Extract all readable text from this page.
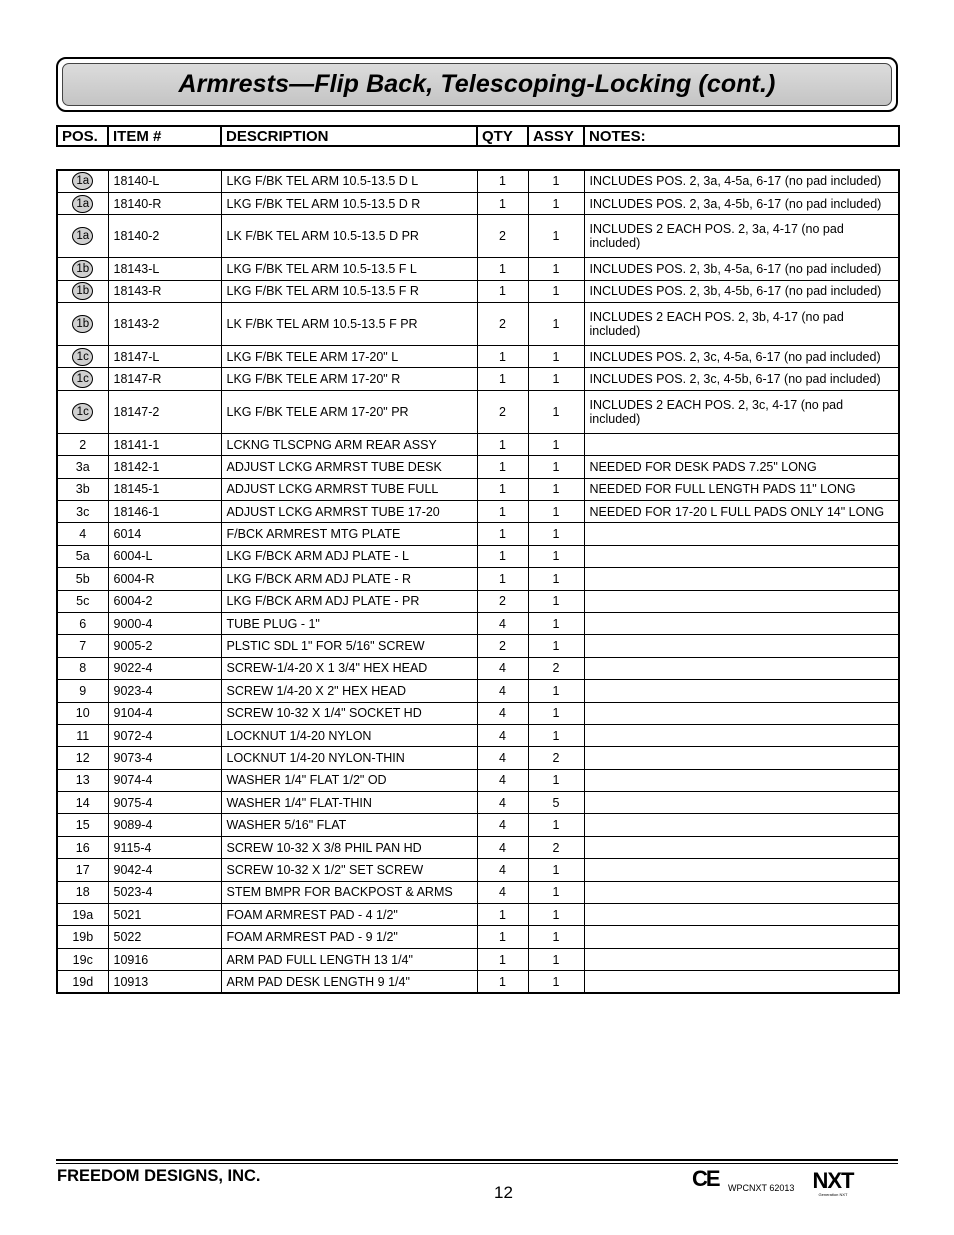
Armrests—Flip Back, Telescoping-Locking (cont.)
POS.	ITEM #	DESCRIPTION	QTY	ASSY	NOTES:
1a	18140-L	LKG F/BK TEL ARM 10.5-13.5 D L	1	1	INCLUDES POS. 2, 3a, 4-5a, 6-17 (no pad included)
1a	18140-R	LKG F/BK TEL ARM 10.5-13.5 D R	1	1	INCLUDES POS. 2, 3a, 4-5b, 6-17 (no pad included)
1a	18140-2	LK F/BK TEL ARM 10.5-13.5 D PR	2	1	INCLUDES 2 EACH POS. 2, 3a, 4-17 (no pad included)
1b	18143-L	LKG F/BK TEL ARM 10.5-13.5 F L	1	1	INCLUDES POS. 2, 3b, 4-5a, 6-17 (no pad included)
1b	18143-R	LKG F/BK TEL ARM 10.5-13.5 F R	1	1	INCLUDES POS. 2, 3b, 4-5b, 6-17 (no pad included)
1b	18143-2	LK F/BK TEL ARM 10.5-13.5 F PR	2	1	INCLUDES 2 EACH POS. 2, 3b, 4-17 (no pad included)
1c	18147-L	LKG F/BK TELE ARM 17-20" L	1	1	INCLUDES POS. 2, 3c, 4-5a, 6-17 (no pad included)
1c	18147-R	LKG F/BK TELE ARM 17-20" R	1	1	INCLUDES POS. 2, 3c, 4-5b, 6-17 (no pad included)
1c	18147-2	LKG F/BK TELE ARM 17-20" PR	2	1	INCLUDES 2 EACH POS. 2, 3c, 4-17 (no pad included)
2	18141-1	LCKNG TLSCPNG ARM REAR ASSY	1	1	
3a	18142-1	ADJUST LCKG ARMRST TUBE DESK	1	1	NEEDED FOR DESK PADS 7.25" LONG
3b	18145-1	ADJUST LCKG ARMRST TUBE FULL	1	1	NEEDED FOR FULL LENGTH PADS 11" LONG
3c	18146-1	ADJUST LCKG ARMRST TUBE 17-20	1	1	NEEDED FOR 17-20 L FULL PADS ONLY 14" LONG
4	6014	F/BCK ARMREST MTG PLATE	1	1	
5a	6004-L	LKG F/BCK ARM ADJ PLATE - L	1	1	
5b	6004-R	LKG F/BCK ARM ADJ PLATE - R	1	1	
5c	6004-2	LKG F/BCK ARM ADJ PLATE - PR	2	1	
6	9000-4	TUBE PLUG - 1"	4	1	
7	9005-2	PLSTIC SDL 1" FOR 5/16" SCREW	2	1	
8	9022-4	SCREW-1/4-20 X 1 3/4" HEX HEAD	4	2	
9	9023-4	SCREW 1/4-20 X 2" HEX HEAD	4	1	
10	9104-4	SCREW 10-32 X 1/4" SOCKET HD	4	1	
11	9072-4	LOCKNUT 1/4-20 NYLON	4	1	
12	9073-4	LOCKNUT 1/4-20 NYLON-THIN	4	2	
13	9074-4	WASHER 1/4" FLAT 1/2" OD	4	1	
14	9075-4	WASHER 1/4" FLAT-THIN	4	5	
15	9089-4	WASHER 5/16" FLAT	4	1	
16	9115-4	SCREW 10-32 X 3/8 PHIL PAN HD	4	2	
17	9042-4	SCREW 10-32 X 1/2" SET SCREW	4	1	
18	5023-4	STEM BMPR FOR BACKPOST & ARMS	4	1	
19a	5021	FOAM ARMREST PAD - 4 1/2"	1	1	
19b	5022	FOAM ARMREST PAD - 9 1/2"	1	1	
19c	10916	ARM PAD FULL LENGTH 13 1/4"	1	1	
19d	10913	ARM PAD DESK LENGTH 9 1/4"	1	1	
FREEDOM DESIGNS, INC.
12
CE WPCNXT 62013 NXT
Generation NXT
